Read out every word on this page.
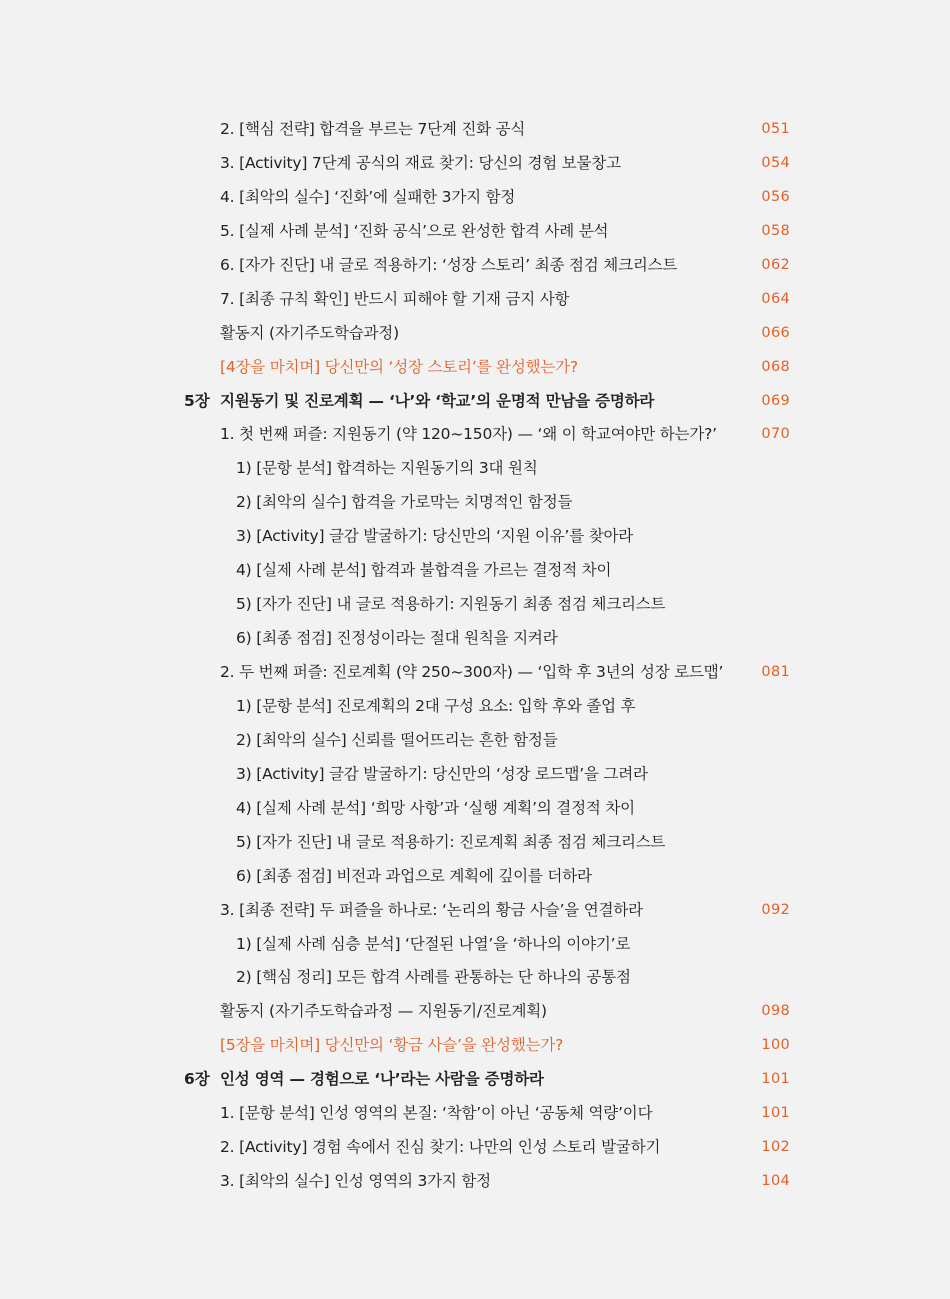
2. [핵심 전략] 합격을 부르는 7단계 진화 공식	051
3. [Activity] 7단계 공식의 재료 찾기: 당신의 경험 보물창고	054
4. [최악의 실수] ‘진화’에 실패한 3가지 함정	056
5. [실제 사례 분석] ‘진화 공식’으로 완성한 합격 사례 분석	058
6. [자가 진단] 내 글로 적용하기: ‘성장 스토리’ 최종 점검 체크리스트	062
7. [최종 규칙 확인] 반드시 피해야 할 기재 금지 사항	064
활동지 (자기주도학습과정)	066
[4장을 마치며] 당신만의 ‘성장 스토리’를 완성했는가?	068
5장 지원동기 및 진로계획 — ‘나’와 ‘학교’의 운명적 만남을 증명하라	069
1. 첫 번째 퍼즐: 지원동기 (약 120~150자) — ‘왜 이 학교여야만 하는가?’	070
1) [문항 분석] 합격하는 지원동기의 3대 원칙
2) [최악의 실수] 합격을 가로막는 치명적인 함정들
3) [Activity] 글감 발굴하기: 당신만의 ‘지원 이유’를 찾아라
4) [실제 사례 분석] 합격과 불합격을 가르는 결정적 차이
5) [자가 진단] 내 글로 적용하기: 지원동기 최종 점검 체크리스트
6) [최종 점검] 진정성이라는 절대 원칙을 지켜라
2. 두 번째 퍼즐: 진로계획 (약 250~300자) — ‘입학 후 3년의 성장 로드맵’	081
1) [문항 분석] 진로계획의 2대 구성 요소: 입학 후와 졸업 후
2) [최악의 실수] 신뢰를 떨어뜨리는 흔한 함정들
3) [Activity] 글감 발굴하기: 당신만의 ‘성장 로드맵’을 그려라
4) [실제 사례 분석] ‘희망 사항’과 ‘실행 계획’의 결정적 차이
5) [자가 진단] 내 글로 적용하기: 진로계획 최종 점검 체크리스트
6) [최종 점검] 비전과 과업으로 계획에 깊이를 더하라
3. [최종 전략] 두 퍼즐을 하나로: ‘논리의 황금 사슬’을 연결하라	092
1) [실제 사례 심층 분석] ‘단절된 나열’을 ‘하나의 이야기’로
2) [핵심 정리] 모든 합격 사례를 관통하는 단 하나의 공통점
활동지 (자기주도학습과정 — 지원동기/진로계획)	098
[5장을 마치며] 당신만의 ‘황금 사슬’을 완성했는가?	100
6장 인성 영역 — 경험으로 ‘나’라는 사람을 증명하라	101
1. [문항 분석] 인성 영역의 본질: ‘착함’이 아닌 ‘공동체 역량’이다	101
2. [Activity] 경험 속에서 진심 찾기: 나만의 인성 스토리 발굴하기	102
3. [최악의 실수] 인성 영역의 3가지 함정	104
